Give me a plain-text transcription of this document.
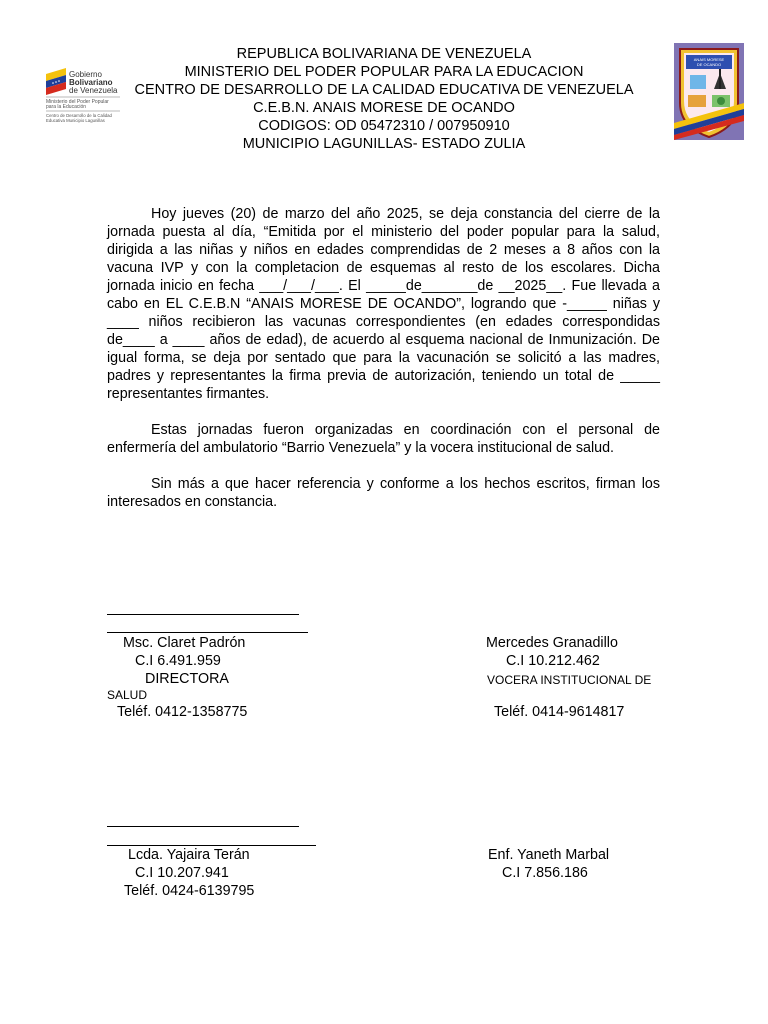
Gobierno
Bolivariano
de Venezuela
Ministerio del Poder Popular
para la Educación
Centro de Desarrollo de la Calidad
Educativa Municipio Lagunillas
REPUBLICA BOLIVARIANA DE VENEZUELA
MINISTERIO DEL PODER POPULAR PARA LA EDUCACION
CENTRO DE DESARROLLO DE LA CALIDAD EDUCATIVA DE VENEZUELA
C.E.B.N. ANAIS MORESE DE OCANDO
CODIGOS: OD 05472310 / 007950910
MUNICIPIO LAGUNILLAS- ESTADO ZULIA
ANAIS MORESE
DE OCANDO

Hoy jueves (20) de marzo del año 2025, se deja constancia del cierre de la jornada puesta al día, “Emitida por el ministerio del poder popular para la salud, dirigida a las niñas y niños en edades comprendidas de 2 meses a 8 años con la vacuna IVP y con la completacion de esquemas al resto de los escolares. Dicha jornada inicio en fecha ___/___/___. El _____de_______de __2025__. Fue llevada a cabo en EL C.E.B.N “ANAIS MORESE DE OCANDO”, logrando que -_____ niñas y ____ niños recibieron las vacunas correspondientes (en edades correspondidas de____ a ____ años de edad), de acuerdo al esquema nacional de Inmunización. De igual forma, se deja por sentado que para la vacunación se solicitó a las madres, padres y representantes la firma previa de autorización, teniendo un total de _____ representantes firmantes.

Estas jornadas fueron organizadas en coordinación con el personal de enfermería del ambulatorio “Barrio Venezuela” y la vocera institucional de salud.

Sin más a que hacer referencia y conforme a los hechos escritos, firman los interesados en constancia.

Msc. Claret Padrón
C.I 6.491.959
DIRECTORA
Teléf. 0412-1358775
Mercedes Granadillo
C.I 10.212.462
VOCERA INSTITUCIONAL DE
SALUD
Teléf. 0414-9614817
Lcda. Yajaira Terán
C.I 10.207.941
Teléf. 0424-6139795
Enf. Yaneth Marbal
C.I 7.856.186
